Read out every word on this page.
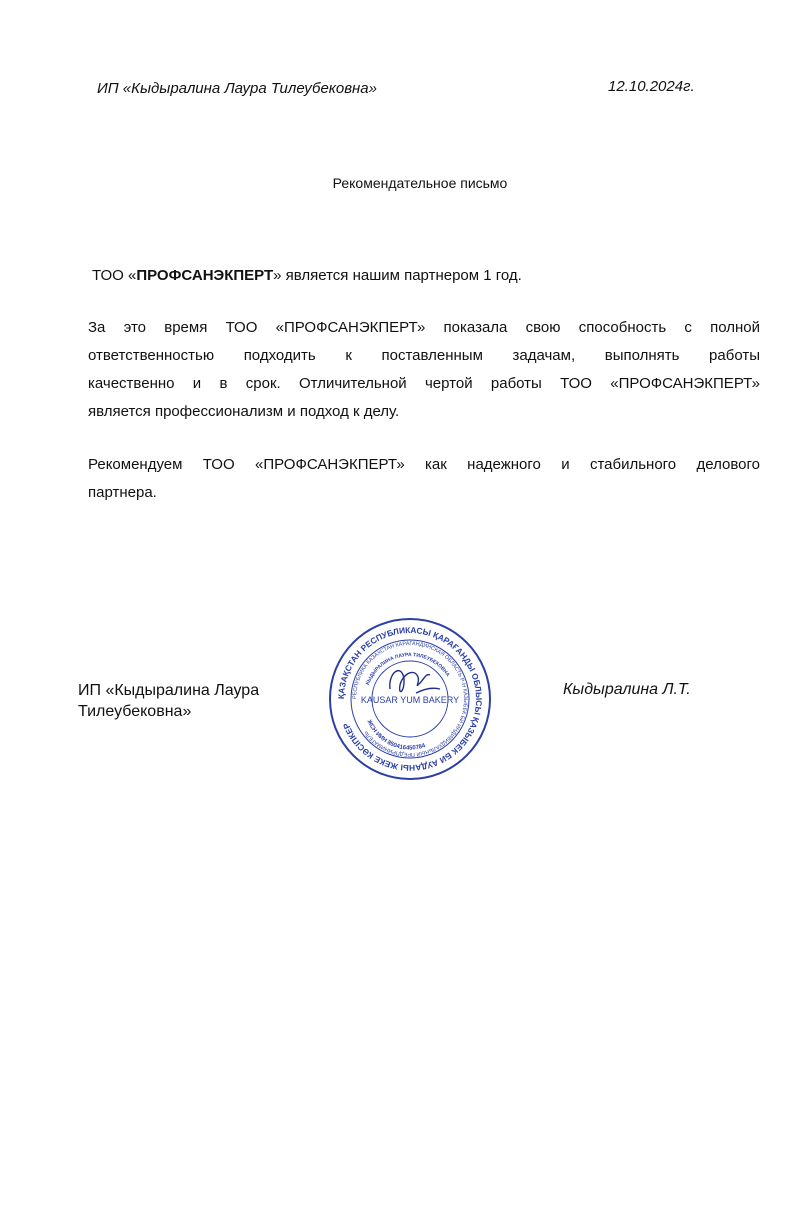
ИП «Кыдыралина Лаура Тилеубековна»	12.10.2024г.
Рекомендательное письмо
ТОО «ПРОФСАНЭКПЕРТ» является нашим партнером 1 год.
За это время ТОО «ПРОФСАНЭКПЕРТ» показала свою способность с полной
ответственностью подходить к поставленным задачам, выполнять работы
качественно и в срок. Отличительной чертой работы ТОО «ПРОФСАНЭКПЕРТ»
является профессионализм и подход к делу.
Рекомендуем ТОО «ПРОФСАНЭКПЕРТ» как надежного и стабильного делового
партнера.
ИП «Кыдыралина Лаура
Тилеубековна»
ҚАЗАҚСТАН РЕСПУБЛИКАСЫ ҚАРАҒАНДЫ ОБЛЫСЫ ҚАЗЫБЕК БИ АУДАНЫ ЖЕКЕ КӘСІПКЕР
РЕСПУБЛИКА КАЗАХСТАН КАРАГАНДИНСКАЯ ОБЛАСТЬ Р-Н КАЗЫБЕК БИ ИНДИВИДУАЛЬНЫЙ ПРЕДПРИНИМАТЕЛЬ
КЫДЫРАЛИНА ЛАУРА ТИЛЕУБЕКОВНА
KAUSAR YUM BAKERY
ЖСН ИИН 850416450784
Кыдыралина Л.Т.
